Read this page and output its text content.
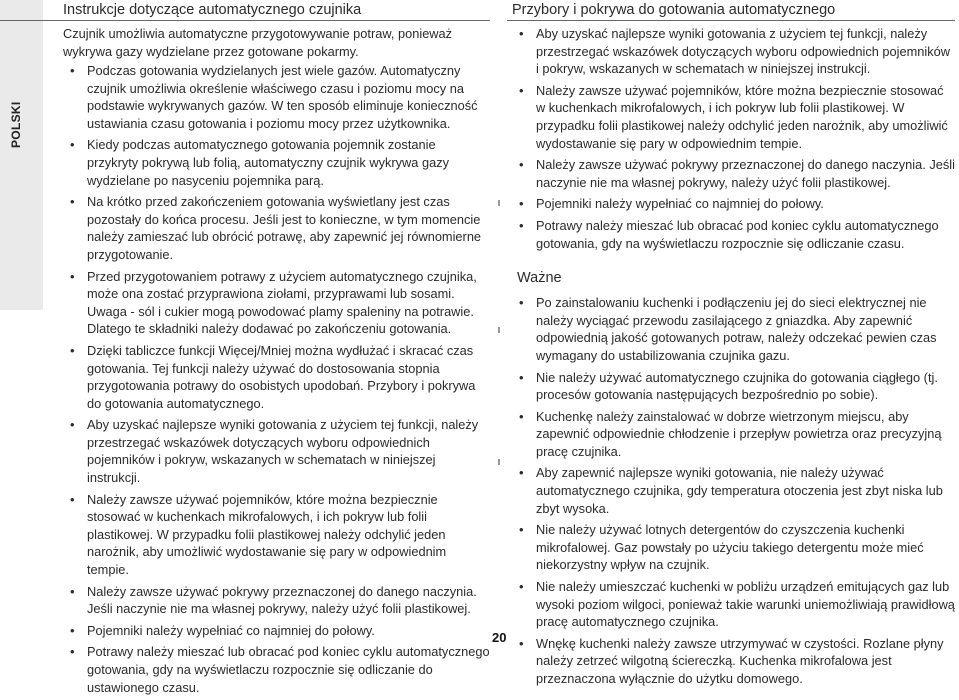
POLSKI
Instrukcje dotyczące automatycznego czujnika

Czujnik umożliwia automatyczne przygotowywanie potraw, ponieważ wykrywa gazy wydzielane przez gotowane pokarmy.

• Podczas gotowania wydzielanych jest wiele gazów. Automatyczny czujnik umożliwia określenie właściwego czasu i poziomu mocy na podstawie wykrywanych gazów. W ten sposób eliminuje konieczność ustawiania czasu gotowania i poziomu mocy przez użytkownika.
• Kiedy podczas automatycznego gotowania pojemnik zostanie przykryty pokrywą lub folią, automatyczny czujnik wykrywa gazy wydzielane po nasyceniu pojemnika parą.
• Na krótko przed zakończeniem gotowania wyświetlany jest czas pozostały do końca procesu. Jeśli jest to konieczne, w tym momencie należy zamieszać lub obrócić potrawę, aby zapewnić jej równomierne przygotowanie.
• Przed przygotowaniem potrawy z użyciem automatycznego czujnika, może ona zostać przyprawiona ziołami, przyprawami lub sosami. Uwaga - sól i cukier mogą powodować plamy spaleniny na potrawie. Dlatego te składniki należy dodawać po zakończeniu gotowania.
• Dzięki tabliczce funkcji Więcej/Mniej można wydłużać i skracać czas gotowania. Tej funkcji należy używać do dostosowania stopnia przygotowania potrawy do osobistych upodobań. Przybory i pokrywa do gotowania automatycznego.
• Aby uzyskać najlepsze wyniki gotowania z użyciem tej funkcji, należy przestrzegać wskazówek dotyczących wyboru odpowiednich pojemników i pokryw, wskazanych w schematach w niniejszej instrukcji.
• Należy zawsze używać pojemników, które można bezpiecznie stosować w kuchenkach mikrofalowych, i ich pokryw lub folii plastikowej. W przypadku folii plastikowej należy odchylić jeden narożnik, aby umożliwić wydostawanie się pary w odpowiednim tempie.
• Należy zawsze używać pokrywy przeznaczonej do danego naczynia. Jeśli naczynie nie ma własnej pokrywy, należy użyć folii plastikowej.
• Pojemniki należy wypełniać co najmniej do połowy.
• Potrawy należy mieszać lub obracać pod koniec cyklu automatycznego gotowania, gdy na wyświetlaczu rozpocznie się odliczanie do ustawionego czasu.
Przybory i pokrywa do gotowania automatycznego
• Aby uzyskać najlepsze wyniki gotowania z użyciem tej funkcji, należy przestrzegać wskazówek dotyczących wyboru odpowiednich pojemników i pokryw, wskazanych w schematach w niniejszej instrukcji.
• Należy zawsze używać pojemników, które można bezpiecznie stosować w kuchenkach mikrofalowych, i ich pokryw lub folii plastikowej. W przypadku folii plastikowej należy odchylić jeden narożnik, aby umożliwić wydostawanie się pary w odpowiednim tempie.
• Należy zawsze używać pokrywy przeznaczonej do danego naczynia. Jeśli naczynie nie ma własnej pokrywy, należy użyć folii plastikowej.
• Pojemniki należy wypełniać co najmniej do połowy.
• Potrawy należy mieszać lub obracać pod koniec cyklu automatycznego gotowania, gdy na wyświetlaczu rozpocznie się odliczanie czasu.
Ważne
• Po zainstalowaniu kuchenki i podłączeniu jej do sieci elektrycznej nie należy wyciągać przewodu zasilającego z gniazdka. Aby zapewnić odpowiednią jakość gotowanych potraw, należy odczekać pewien czas wymagany do ustabilizowania czujnika gazu.
• Nie należy używać automatycznego czujnika do gotowania ciągłego (tj. procesów gotowania następujących bezpośrednio po sobie).
• Kuchenkę należy zainstalować w dobrze wietrzonym miejscu, aby zapewnić odpowiednie chłodzenie i przepływ powietrza oraz precyzyjną pracę czujnika.
• Aby zapewnić najlepsze wyniki gotowania, nie należy używać automatycznego czujnika, gdy temperatura otoczenia jest zbyt niska lub zbyt wysoka.
• Nie należy używać lotnych detergentów do czyszczenia kuchenki mikrofalowej. Gaz powstały po użyciu takiego detergentu może mieć niekorzystny wpływ na czujnik.
• Nie należy umieszczać kuchenki w pobliżu urządzeń emitujących gaz lub wysoki poziom wilgoci, ponieważ takie warunki uniemożliwiają prawidłową pracę automatycznego czujnika.
• Wnękę kuchenki należy zawsze utrzymywać w czystości. Rozlane płyny należy zetrzeć wilgotną ściereczką. Kuchenka mikrofalowa jest przeznaczona wyłącznie do użytku domowego.
20
